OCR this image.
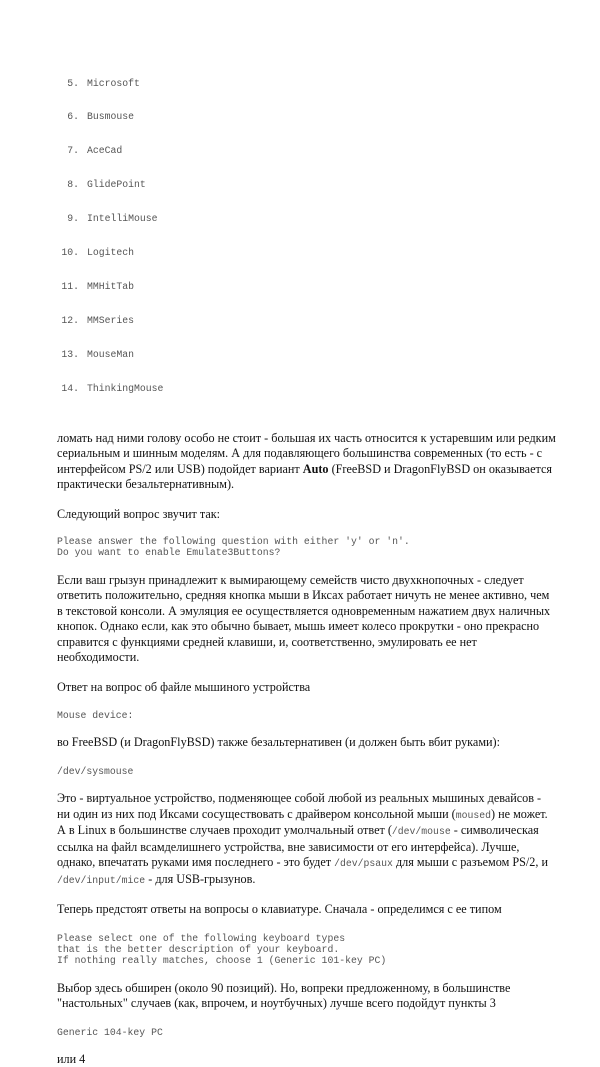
5. Microsoft

6. Busmouse

7. AceCad

8. GlidePoint

9. IntelliMouse

10. Logitech

11. MMHitTab

12. MMSeries

13. MouseMan

14. ThinkingMouse

ломать над ними голову особо не стоит - большая их часть относится к устаревшим или редким сериальным и шинным моделям. А для подавляющего большинства современных (то есть - с интерфейсом PS/2 или USB) подойдет вариант Auto (FreeBSD и DragonFlyBSD он оказывается практически безальтернативным).

Следующий вопрос звучит так:

Please answer the following question with either 'y' or 'n'.
Do you want to enable Emulate3Buttons?

Если ваш грызун принадлежит к вымирающему семейств чисто двухкнопочных - следует ответить положительно, средняя кнопка мыши в Иксах работает ничуть не менее активно, чем в текстовой консоли. А эмуляция ее осуществляется одновременным нажатием двух наличных кнопок. Однако если, как это обычно бывает, мышь имеет колесо прокрутки - оно прекрасно справится с функциями средней клавиши, и, соответственно, эмулировать ее нет необходимости.

Ответ на вопрос об файле мышиного устройства

Mouse device:

во FreeBSD (и DragonFlyBSD) также безальтернативен (и должен быть вбит руками):

/dev/sysmouse

Это - виртуальное устройство, подменяющее собой любой из реальных мышиных девайсов - ни один из них под Иксами сосуществовать с драйвером консольной мыши (moused) не может. А в Linux в большинстве случаев проходит умолчальный ответ (/dev/mouse - символическая ссылка на файл всамделишнего устройства, вне зависимости от его интерфейса). Лучше, однако, впечатать руками имя последнего - это будет /dev/psaux для мыши с разъемом PS/2, и /dev/input/mice - для USB-грызунов.

Теперь предстоят ответы на вопросы о клавиатуре. Сначала - определимся с ее типом

Please select one of the following keyboard types
that is the better description of your keyboard.
If nothing really matches, choose 1 (Generic 101-key PC)

Выбор здесь обширен (около 90 позиций). Но, вопреки предложенному, в большинстве "настольных" случаев (как, впрочем, и ноутбучных) лучше всего подойдут пункты 3

Generic 104-key PC

или 4
